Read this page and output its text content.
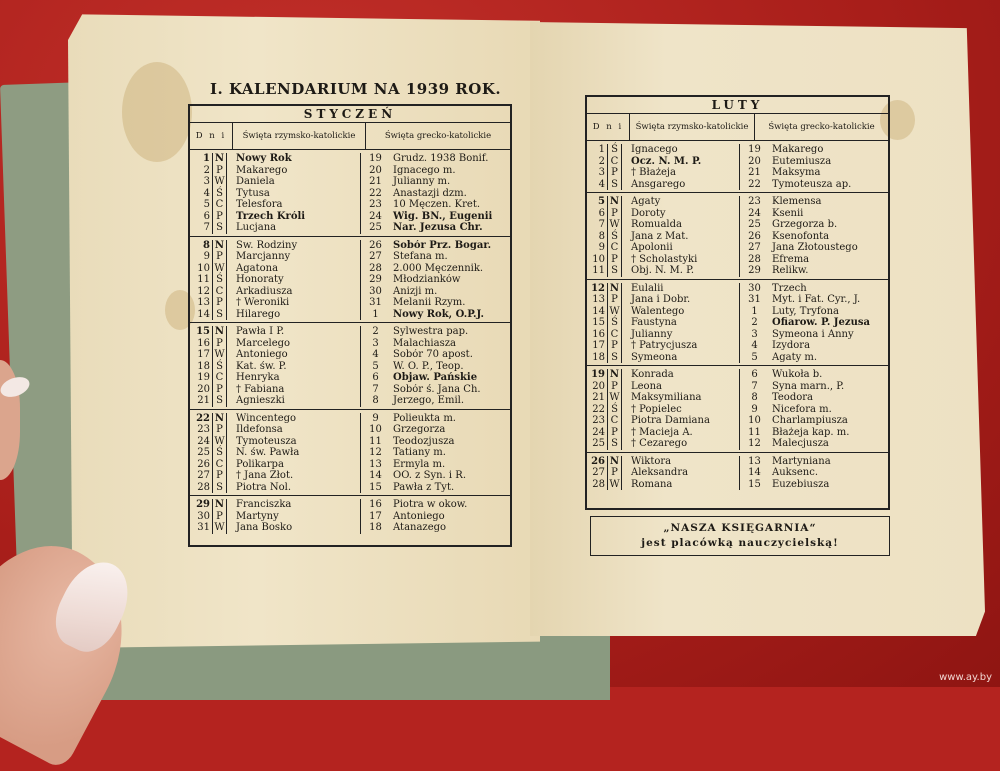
I. KALENDARIUM NA 1939 ROK.
STYCZEŃ
D n i	Święta rzymsko-katolickie	Święta grecko-katolickie
1 N	Nowy Rok	19	Grudz. 1938 Bonif.
2 P	Makarego	20	Ignacego m.
3 W	Daniela	21	Julianny m.
4 Ś	Tytusa	22	Anastazji dzm.
5 C	Telesfora	23	10 Męczen. Kret.
6 P	Trzech Króli	24	Wig. BN., Eugenii
7 S	Lucjana	25	Nar. Jezusa Chr.
8 N	Św. Rodziny	26	Sobór Prz. Bogar.
9 P	Marcjanny	27	Stefana m.
10 W	Agatona	28	2.000 Męczennik.
11 Ś	Honoraty	29	Młodzianków
12 C	Arkadiusza	30	Anizji m.
13 P	† Weroniki	31	Melanii Rzym.
14 S	Hilarego	1	Nowy Rok, O.P.J.
15 N	Pawła I P.	2	Sylwestra pap.
16 P	Marcelego	3	Malachiasza
17 W	Antoniego	4	Sobór 70 apost.
18 Ś	Kat. św. P.	5	W. O. P., Teop.
19 C	Henryka	6	Objaw. Pańskie
20 P	† Fabiana	7	Sobór ś. Jana Ch.
21 S	Agnieszki	8	Jerzego, Emil.
22 N	Wincentego	9	Polieukta m.
23 P	Ildefonsa	10	Grzegorza
24 W	Tymoteusza	11	Teodozjusza
25 Ś	N. św. Pawła	12	Tatiany m.
26 C	Polikarpa	13	Ermyla m.
27 P	† Jana Złot.	14	OO. z Syn. i R.
28 S	Piotra Nol.	15	Pawła z Tyt.
29 N	Franciszka	16	Piotra w okow.
30 P	Martyny	17	Antoniego
31 W	Jana Bosko	18	Atanazego
LUTY
D n i	Święta rzymsko-katolickie	Święta grecko-katolickie
1 Ś	Ignacego	19	Makarego
2 C	Ocz. N. M. P.	20	Eutemiusza
3 P	† Błażeja	21	Maksyma
4 S	Ansgarego	22	Tymoteusza ap.
5 N	Agaty	23	Klemensa
6 P	Doroty	24	Ksenii
7 W	Romualda	25	Grzegorza b.
8 Ś	Jana z Mat.	26	Ksenofonta
9 C	Apolonii	27	Jana Złotoustego
10 P	† Scholastyki	28	Efrema
11 S	Obj. N. M. P.	29	Relikw.
12 N	Eulalii	30	Trzech
13 P	Jana i Dobr.	31	Myt. i Fat. Cyr., J.
14 W	Walentego	1	Luty, Tryfona
15 Ś	Faustyna	2	Ofiarow. P. Jezusa
16 C	Julianny	3	Symeona i Anny
17 P	† Patrycjusza	4	Izydora
18 S	Symeona	5	Agaty m.
19 N	Konrada	6	Wukoła b.
20 P	Leona	7	Syna marn., P.
21 W	Maksymiliana	8	Teodora
22 Ś	† Popielec	9	Nicefora m.
23 C	Piotra Damiana	10	Charlampiusza
24 P	† Macieja A.	11	Błażeja kap. m.
25 S	† Cezarego	12	Malecjusza
26 N	Wiktora	13	Martyniana
27 P	Aleksandra	14	Auksenc.
28 W	Romana	15	Euzebiusza
„NASZA KSIĘGARNIA“
jest placówką nauczycielską!
www.ay.by
